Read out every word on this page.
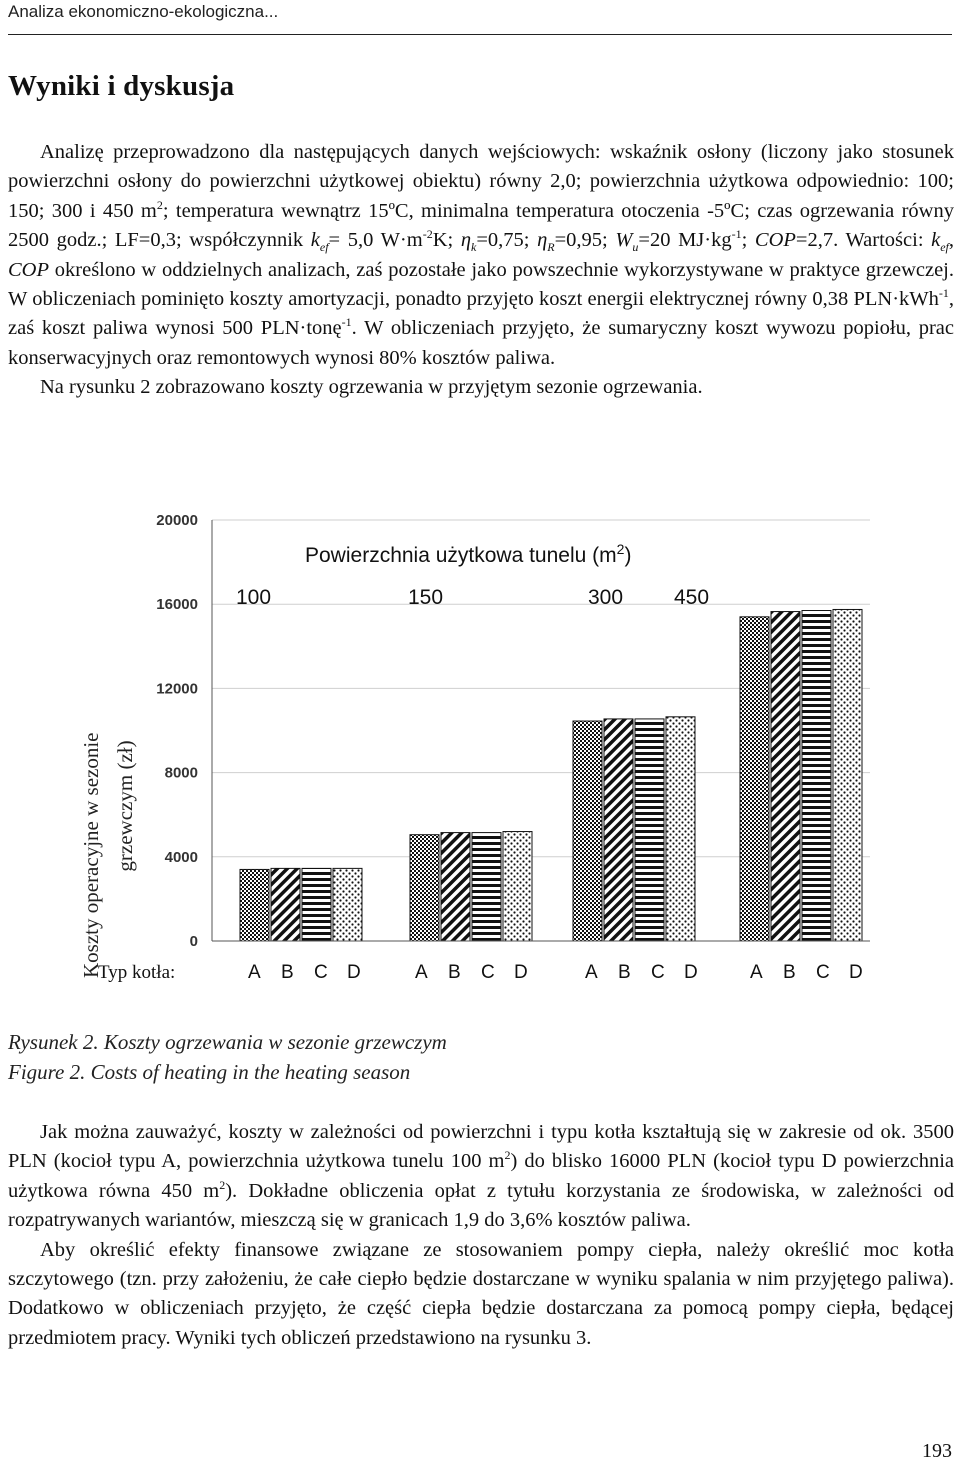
Analiza ekonomiczno-ekologiczna...
Wyniki i dyskusja

Analizę przeprowadzono dla następujących danych wejściowych: wskaźnik osłony (liczony jako stosunek powierzchni osłony do powierzchni użytkowej obiektu) równy 2,0; powierzchnia użytkowa odpowiednio: 100; 150; 300 i 450 $m^2$; temperatura wewnątrz 15ºC, minimalna temperatura otoczenia -5ºC; czas ogrzewania równy 2500 godz.; LF=0,3; współczynnik $k_{ef}= 5,0$ $W\cdot m^{-2}K$; $\eta_k=0,75$; $\eta_R=0,95$; $W_u=20$ $MJ\cdot kg^{-1}$; COP=2,7. Wartości: $k_{ef}$, COP określono w oddzielnych analizach, zaś pozostałe jako powszechnie wykorzystywane w praktyce grzewczej. W obliczeniach pominięto koszty amortyzacji, ponadto przyjęto koszt energii elektrycznej równy 0,38 PLN·kWh$^{-1}$, zaś koszt paliwa wynosi 500 PLN·tonę$^{-1}$. W obliczeniach przyjęto, że sumaryczny koszt wywozu popiołu, prac konserwacyjnych oraz remontowych wynosi 80% kosztów paliwa.

Na rysunku 2 zobrazowano koszty ogrzewania w przyjętym sezonie ogrzewania.

0
4000
8000
12000
16000
20000
100	150	300 450
A B C D	A B C D	A B C D	A B C D
Koszty operacyjne w sezonie grzewczym (zł)
Powierzchnia użytkowa tunelu $(m^2)$
Typ kotła:
Rysunek 2. Koszty ogrzewania w sezonie grzewczym
Figure 2. Costs of heating in the heating season

Jak można zauważyć, koszty w zależności od powierzchni i typu kotła kształtują się w zakresie od ok. 3500 PLN (kocioł typu A, powierzchnia użytkowa tunelu 100 $m^2$) do blisko 16000 PLN (kocioł typu D powierzchnia użytkowa równa 450 $m^2$). Dokładne obliczenia opłat z tytułu korzystania ze środowiska, w zależności od rozpatrywanych wariantów, mieszczą się w granicach 1,9 do 3,6% kosztów paliwa.

Aby określić efekty finansowe związane ze stosowaniem pompy ciepła, należy określić moc kotła szczytowego (tzn. przy założeniu, że całe ciepło będzie dostarczane w wyniku spalania w nim przyjętego paliwa). Dodatkowo w obliczeniach przyjęto, że część ciepła będzie dostarczana za pomocą pompy ciepła, będącej przedmiotem pracy. Wyniki tych obliczeń przedstawiono na rysunku 3.

193
